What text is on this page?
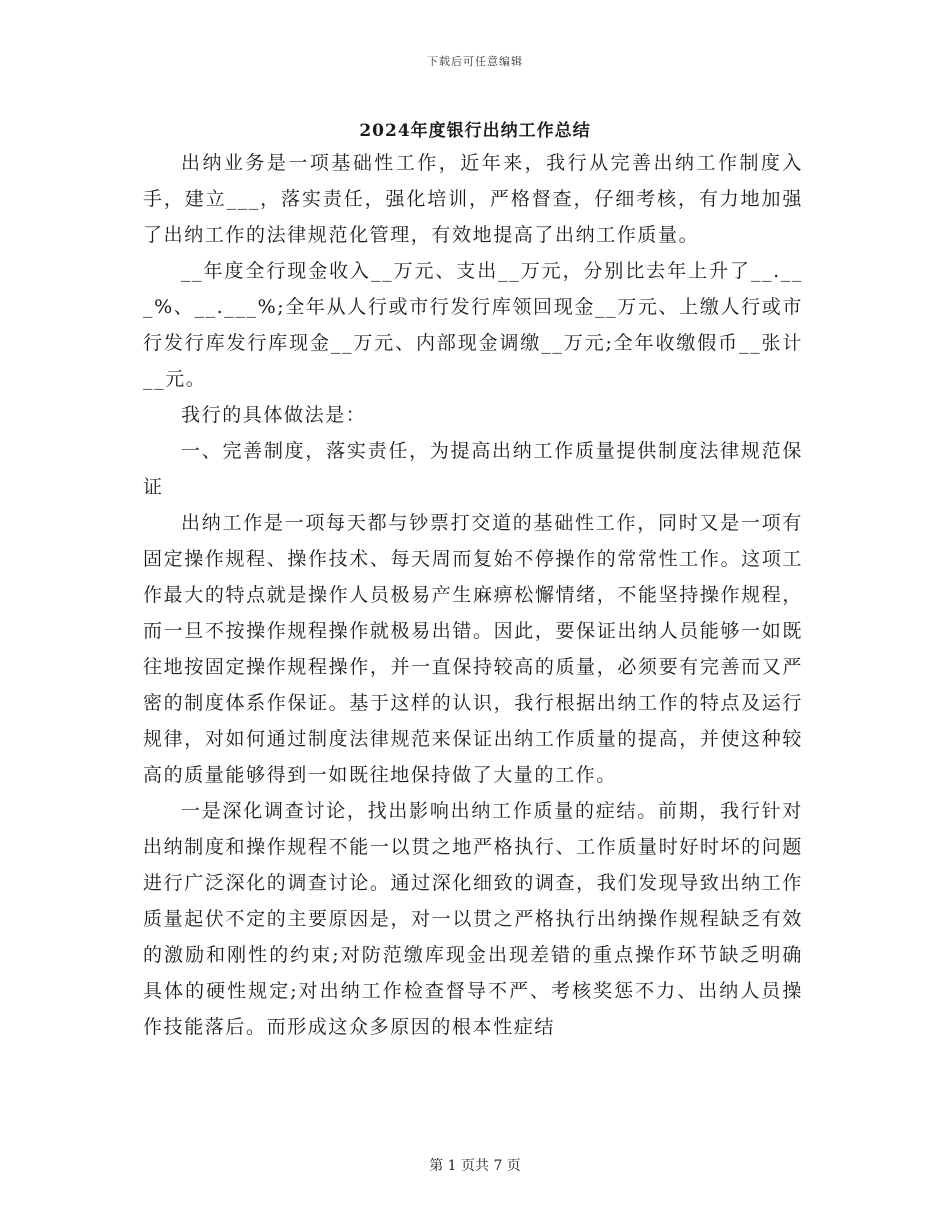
下载后可任意编辑
2024年度银行出纳工作总结

出纳业务是一项基础性工作，近年来，我行从完善出纳工作制度入手，建立___，落实责任，强化培训，严格督查，仔细考核，有力地加强了出纳工作的法律规范化管理，有效地提高了出纳工作质量。

__年度全行现金收入__万元、支出__万元，分别比去年上升了__.___%、__.___%;全年从人行或市行发行库领回现金__万元、上缴人行或市行发行库发行库现金__万元、内部现金调缴__万元;全年收缴假币__张计__元。

我行的具体做法是：

一、完善制度，落实责任，为提高出纳工作质量提供制度法律规范保证

出纳工作是一项每天都与钞票打交道的基础性工作，同时又是一项有固定操作规程、操作技术、每天周而复始不停操作的常常性工作。这项工作最大的特点就是操作人员极易产生麻痹松懈情绪，不能坚持操作规程，而一旦不按操作规程操作就极易出错。因此，要保证出纳人员能够一如既往地按固定操作规程操作，并一直保持较高的质量，必须要有完善而又严密的制度体系作保证。基于这样的认识，我行根据出纳工作的特点及运行规律，对如何通过制度法律规范来保证出纳工作质量的提高，并使这种较高的质量能够得到一如既往地保持做了大量的工作。

一是深化调查讨论，找出影响出纳工作质量的症结。前期，我行针对出纳制度和操作规程不能一以贯之地严格执行、工作质量时好时坏的问题进行广泛深化的调查讨论。通过深化细致的调查，我们发现导致出纳工作质量起伏不定的主要原因是，对一以贯之严格执行出纳操作规程缺乏有效的激励和刚性的约束;对防范缴库现金出现差错的重点操作环节缺乏明确具体的硬性规定;对出纳工作检查督导不严、考核奖惩不力、出纳人员操作技能落后。而形成这众多原因的根本性症结

第 1 页共 7 页
